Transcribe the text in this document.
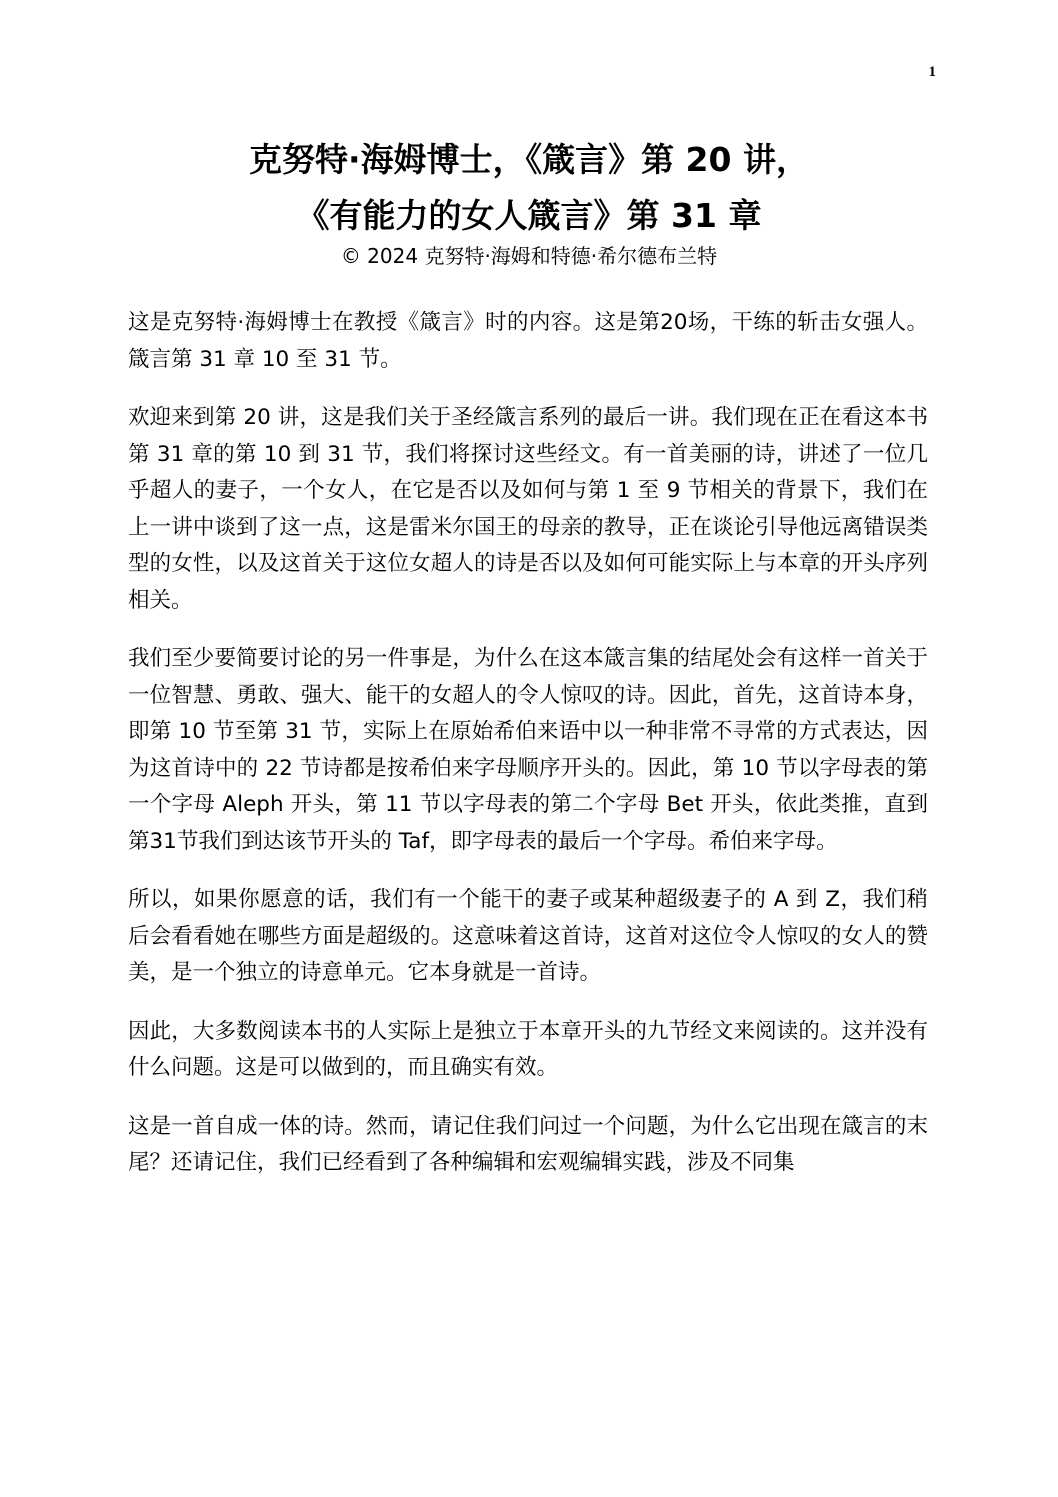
1
克努特·海姆博士，《箴言》第 20 讲，
《有能力的女人箴言》第 31 章
© 2024 克努特·海姆和特德·希尔德布兰特

这是克努特·海姆博士在教授《箴言》时的内容。这是第20场，干练的斩击女强人。箴言第 31 章 10 至 31 节。

欢迎来到第 20 讲，这是我们关于圣经箴言系列的最后一讲。我们现在正在看这本书第 31 章的第 10 到 31 节，我们将探讨这些经文。有一首美丽的诗，讲述了一位几乎超人的妻子，一个女人，在它是否以及如何与第 1 至 9 节相关的背景下，我们在上一讲中谈到了这一点，这是雷米尔国王的母亲的教导，正在谈论引导他远离错误类型的女性，以及这首关于这位女超人的诗是否以及如何可能实际上与本章的开头序列相关。

我们至少要简要讨论的另一件事是，为什么在这本箴言集的结尾处会有这样一首关于一位智慧、勇敢、强大、能干的女超人的令人惊叹的诗。因此，首先，这首诗本身，即第 10 节至第 31 节，实际上在原始希伯来语中以一种非常不寻常的方式表达，因为这首诗中的 22 节诗都是按希伯来字母顺序开头的。因此，第 10 节以字母表的第一个字母 Aleph 开头，第 11 节以字母表的第二个字母 Bet 开头，依此类推，直到第31节我们到达该节开头的 Taf，即字母表的最后一个字母。希伯来字母。

所以，如果你愿意的话，我们有一个能干的妻子或某种超级妻子的 A 到 Z，我们稍后会看看她在哪些方面是超级的。这意味着这首诗，这首对这位令人惊叹的女人的赞美，是一个独立的诗意单元。它本身就是一首诗。

因此，大多数阅读本书的人实际上是独立于本章开头的九节经文来阅读的。这并没有什么问题。这是可以做到的，而且确实有效。

这是一首自成一体的诗。然而，请记住我们问过一个问题，为什么它出现在箴言的末尾？还请记住，我们已经看到了各种编辑和宏观编辑实践，涉及不同集
